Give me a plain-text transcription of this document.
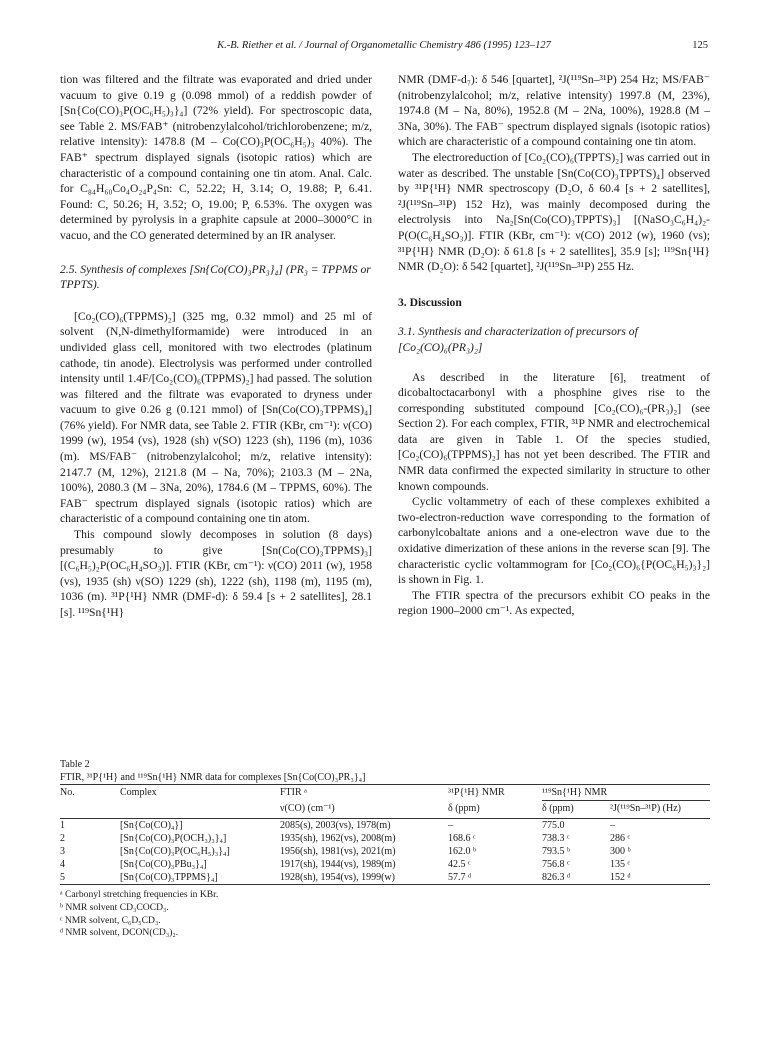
K.-B. Riether et al. / Journal of Organometallic Chemistry 486 (1995) 123–127	125

tion was filtered and the filtrate was evaporated and dried under vacuum to give 0.19 g (0.098 mmol) of a reddish powder of [Sn{Co(CO)₃P(OC₆H₅)₃}₄] (72% yield). For spectroscopic data, see Table 2. MS/FAB⁺ (nitrobenzylalcohol/trichlorobenzene; m/z, relative intensity): 1478.8 (M – Co(CO)₃P(OC₆H₅)₃ 40%). The FAB⁺ spectrum displayed signals (isotopic ratios) which are characteristic of a compound containing one tin atom. Anal. Calc. for C₈₄H₆₀Co₄O₂₄P₄Sn: C, 52.22; H, 3.14; O, 19.88; P, 6.41. Found: C, 50.26; H, 3.52; O, 19.00; P, 6.53%. The oxygen was determined by pyrolysis in a graphite capsule at 2000–3000°C in vacuo, and the CO generated determined by an IR analyser.

2.5. Synthesis of complexes [Sn{Co(CO)₃PR₃}₄] (PR₃ = TPPMS or TPPTS).

[Co₂(CO)₆(TPPMS)₂] (325 mg, 0.32 mmol) and 25 ml of solvent (N,N-dimethylformamide) were introduced in an undivided glass cell, monitored with two electrodes (platinum cathode, tin anode). Electrolysis was performed under controlled intensity until 1.4F/[Co₂(CO)₆(TPPMS)₂] had passed. The solution was filtered and the filtrate was evaporated to dryness under vacuum to give 0.26 g (0.121 mmol) of [Sn(Co(CO)₃TPPMS)₄] (76% yield). For NMR data, see Table 2. FTIR (KBr, cm⁻¹): ν(CO) 1999 (w), 1954 (vs), 1928 (sh) ν(SO) 1223 (sh), 1196 (m), 1036 (m). MS/FAB⁻ (nitrobenzylalcohol; m/z, relative intensity): 2147.7 (M, 12%), 2121.8 (M – Na, 70%); 2103.3 (M – 2Na, 100%), 2080.3 (M – 3Na, 20%), 1784.6 (M – TPPMS, 60%). The FAB⁻ spectrum displayed signals (isotopic ratios) which are characteristic of a compound containing one tin atom.

This compound slowly decomposes in solution (8 days) presumably to give [Sn(Co(CO)₃TPPMS)₃] [(C₆H₅)₂P(OC₆H₄SO₃)]. FTIR (KBr, cm⁻¹): ν(CO) 2011 (w), 1958 (vs), 1935 (sh) ν(SO) 1229 (sh), 1222 (sh), 1198 (m), 1195 (m), 1036 (m). ³¹P{¹H} NMR (DMF-d): δ 59.4 [s + 2 satellites], 28.1 [s]. ¹¹⁹Sn{¹H}

NMR (DMF-d₇): δ 546 [quartet], ²J(¹¹⁹Sn–³¹P) 254 Hz; MS/FAB⁻ (nitrobenzylalcohol; m/z, relative intensity) 1997.8 (M, 23%), 1974.8 (M – Na, 80%), 1952.8 (M – 2Na, 100%), 1928.8 (M – 3Na, 30%). The FAB⁻ spectrum displayed signals (isotopic ratios) which are characteristic of a compound containing one tin atom.

The electroreduction of [Co₂(CO)₆(TPPTS)₂] was carried out in water as described. The unstable [Sn(Co(CO)₃TPPTS)₄] observed by ³¹P{¹H} NMR spectroscopy (D₂O, δ 60.4 [s + 2 satellites], ²J(¹¹⁹Sn–³¹P) 152 Hz), was mainly decomposed during the electrolysis into Na₂[Sn(Co(CO)₃TPPTS)₃] [(NaSO₃C₆H₄)₂-P(O(C₆H₄SO₃)]. FTIR (KBr, cm⁻¹): ν(CO) 2012 (w), 1960 (vs); ³¹P{¹H} NMR (D₂O): δ 61.8 [s + 2 satellites], 35.9 [s]; ¹¹⁹Sn{¹H} NMR (D₂O): δ 542 [quartet], ²J(¹¹⁹Sn–³¹P) 255 Hz.

3. Discussion

3.1. Synthesis and characterization of precursors of [Co₂(CO)₆(PR₃)₂]

As described in the literature [6], treatment of dicobaltoctacarbonyl with a phosphine gives rise to the corresponding substituted compound [Co₂(CO)₆-(PR₃)₂] (see Section 2). For each complex, FTIR, ³¹P NMR and electrochemical data are given in Table 1. Of the species studied, [Co₂(CO)₆(TPPMS)₂] has not yet been described. The FTIR and NMR data confirmed the expected similarity in structure to other known compounds.

Cyclic voltammetry of each of these complexes exhibited a two-electron-reduction wave corresponding to the formation of carbonylcobaltate anions and a one-electron wave due to the oxidative dimerization of these anions in the reverse scan [9]. The characteristic cyclic voltammogram for [Co₂(CO)₆{P(OC₆H₅)₃}₂] is shown in Fig. 1.

The FTIR spectra of the precursors exhibit CO peaks in the region 1900–2000 cm⁻¹. As expected,

Table 2

FTIR, ³¹P{¹H} and ¹¹⁹Sn{¹H} NMR data for complexes [Sn{Co(CO)₃PR₃}₄]

No.	Complex	FTIR ᵃ	³¹P{¹H} NMR	¹¹⁹Sn{¹H} NMR	
		ν(CO) (cm⁻¹)	δ (ppm)	δ (ppm)	²J(¹¹⁹Sn–³¹P) (Hz)

1	[Sn{Co(CO)₄}]	2085(s), 2003(vs), 1978(m)	–	775.0	–
2	[Sn{Co(CO)₃P(OCH₃)₃}₄]	1935(sh), 1962(vs), 2008(m)	168.6 ᶜ	738.3 ᶜ	286 ᶜ
3	[Sn{Co(CO)₃P(OC₆H₅)₃}₄]	1956(sh), 1981(vs), 2021(m)	162.0 ᵇ	793.5 ᵇ	300 ᵇ
4	[Sn{Co(CO)₃PBu₃}₄]	1917(sh), 1944(vs), 1989(m)	42.5 ᶜ	756.8 ᶜ	135 ᶜ
5	[Sn{Co(CO)₃TPPMS}₄]	1928(sh), 1954(vs), 1999(w)	57.7 ᵈ	826.3 ᵈ	152 ᵈ
ᵃ Carbonyl stretching frequencies in KBr.
ᵇ NMR solvent CD₃COCD₃.
ᶜ NMR solvent, C₆D₅CD₃.
ᵈ NMR solvent, DCON(CD₃)₂.
